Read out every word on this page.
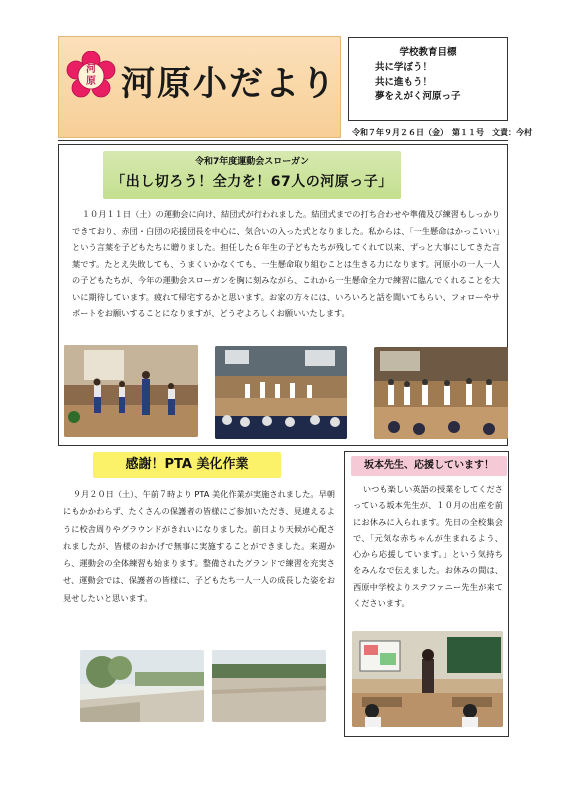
河
原 河原小だより
学校教育目標
共に学ぼう！
共に進もう！
夢をえがく河原っ子
令和７年９月２６日（金）　第１１号　文責：今村
令和7年度運動会スローガン
「出し切ろう！全力を！67人の河原っ子」

１０月１１日（土）の運動会に向け、結団式が行われました。結団式までの打ち合わせや準備及び練習もしっかりできており、赤団・白団の応援団長を中心に、気合いの入った式となりました。私からは、「一生懸命はかっこいい」という言葉を子どもたちに贈りました。担任した６年生の子どもたちが残してくれて以来、ずっと大事にしてきた言葉です。たとえ失敗しても、うまくいかなくても、一生懸命取り組むことは生きる力になります。河原小の一人一人の子どもたちが、今年の運動会スローガンを胸に刻みながら、これから一生懸命全力で練習に臨んでくれることを大いに期待しています。疲れて帰宅するかと思います。お家の方々には、いろいろと話を聞いてもらい、フォローやサポートをお願いすることになりますが、どうぞよろしくお願いいたします。

感謝！PTA 美化作業

９月２０日（土）、午前７時より PTA 美化作業が実施されました。早朝にもかかわらず、たくさんの保護者の皆様にご参加いただき、見違えるように校舎周りやグラウンドがきれいになりました。前日より天候が心配されましたが、皆様のおかげで無事に実施することができました。来週から、運動会の全体練習も始まります。整備されたグランドで練習を充実させ、運動会では、保護者の皆様に、子どもたち一人一人の成長した姿をお見せしたいと思います。

坂本先生、応援しています！

いつも楽しい英語の授業をしてくださっている坂本先生が、１０月の出産を前にお休みに入られます。先日の全校集会で、「元気な赤ちゃんが生まれるよう、心から応援しています。」という気持ちをみんなで伝えました。お休みの間は、西原中学校よりステファニー先生が来てくださいます。
